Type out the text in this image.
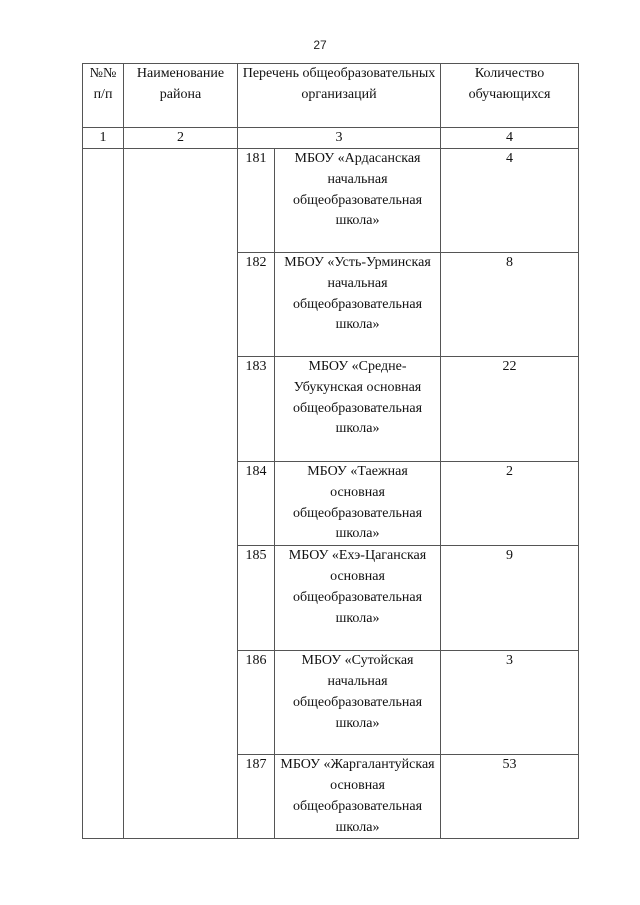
27
№№ п/п	Наименование района	Перечень общеобразовательных организаций		Количество обучающихся
1	2	3		4
		181	МБОУ «Ардасанская начальная общеобразовательная школа»	4
		182	МБОУ «Усть-Урминская начальная общеобразовательная школа»	8
		183	МБОУ «Средне-Убукунская основная общеобразовательная школа»	22
		184	МБОУ «Таежная основная общеобразовательная школа»	2
		185	МБОУ «Ехэ-Цаганская основная общеобразовательная школа»	9
		186	МБОУ «Сутойская начальная общеобразовательная школа»	3
		187	МБОУ «Жаргалантуйская основная общеобразовательная школа»	53
